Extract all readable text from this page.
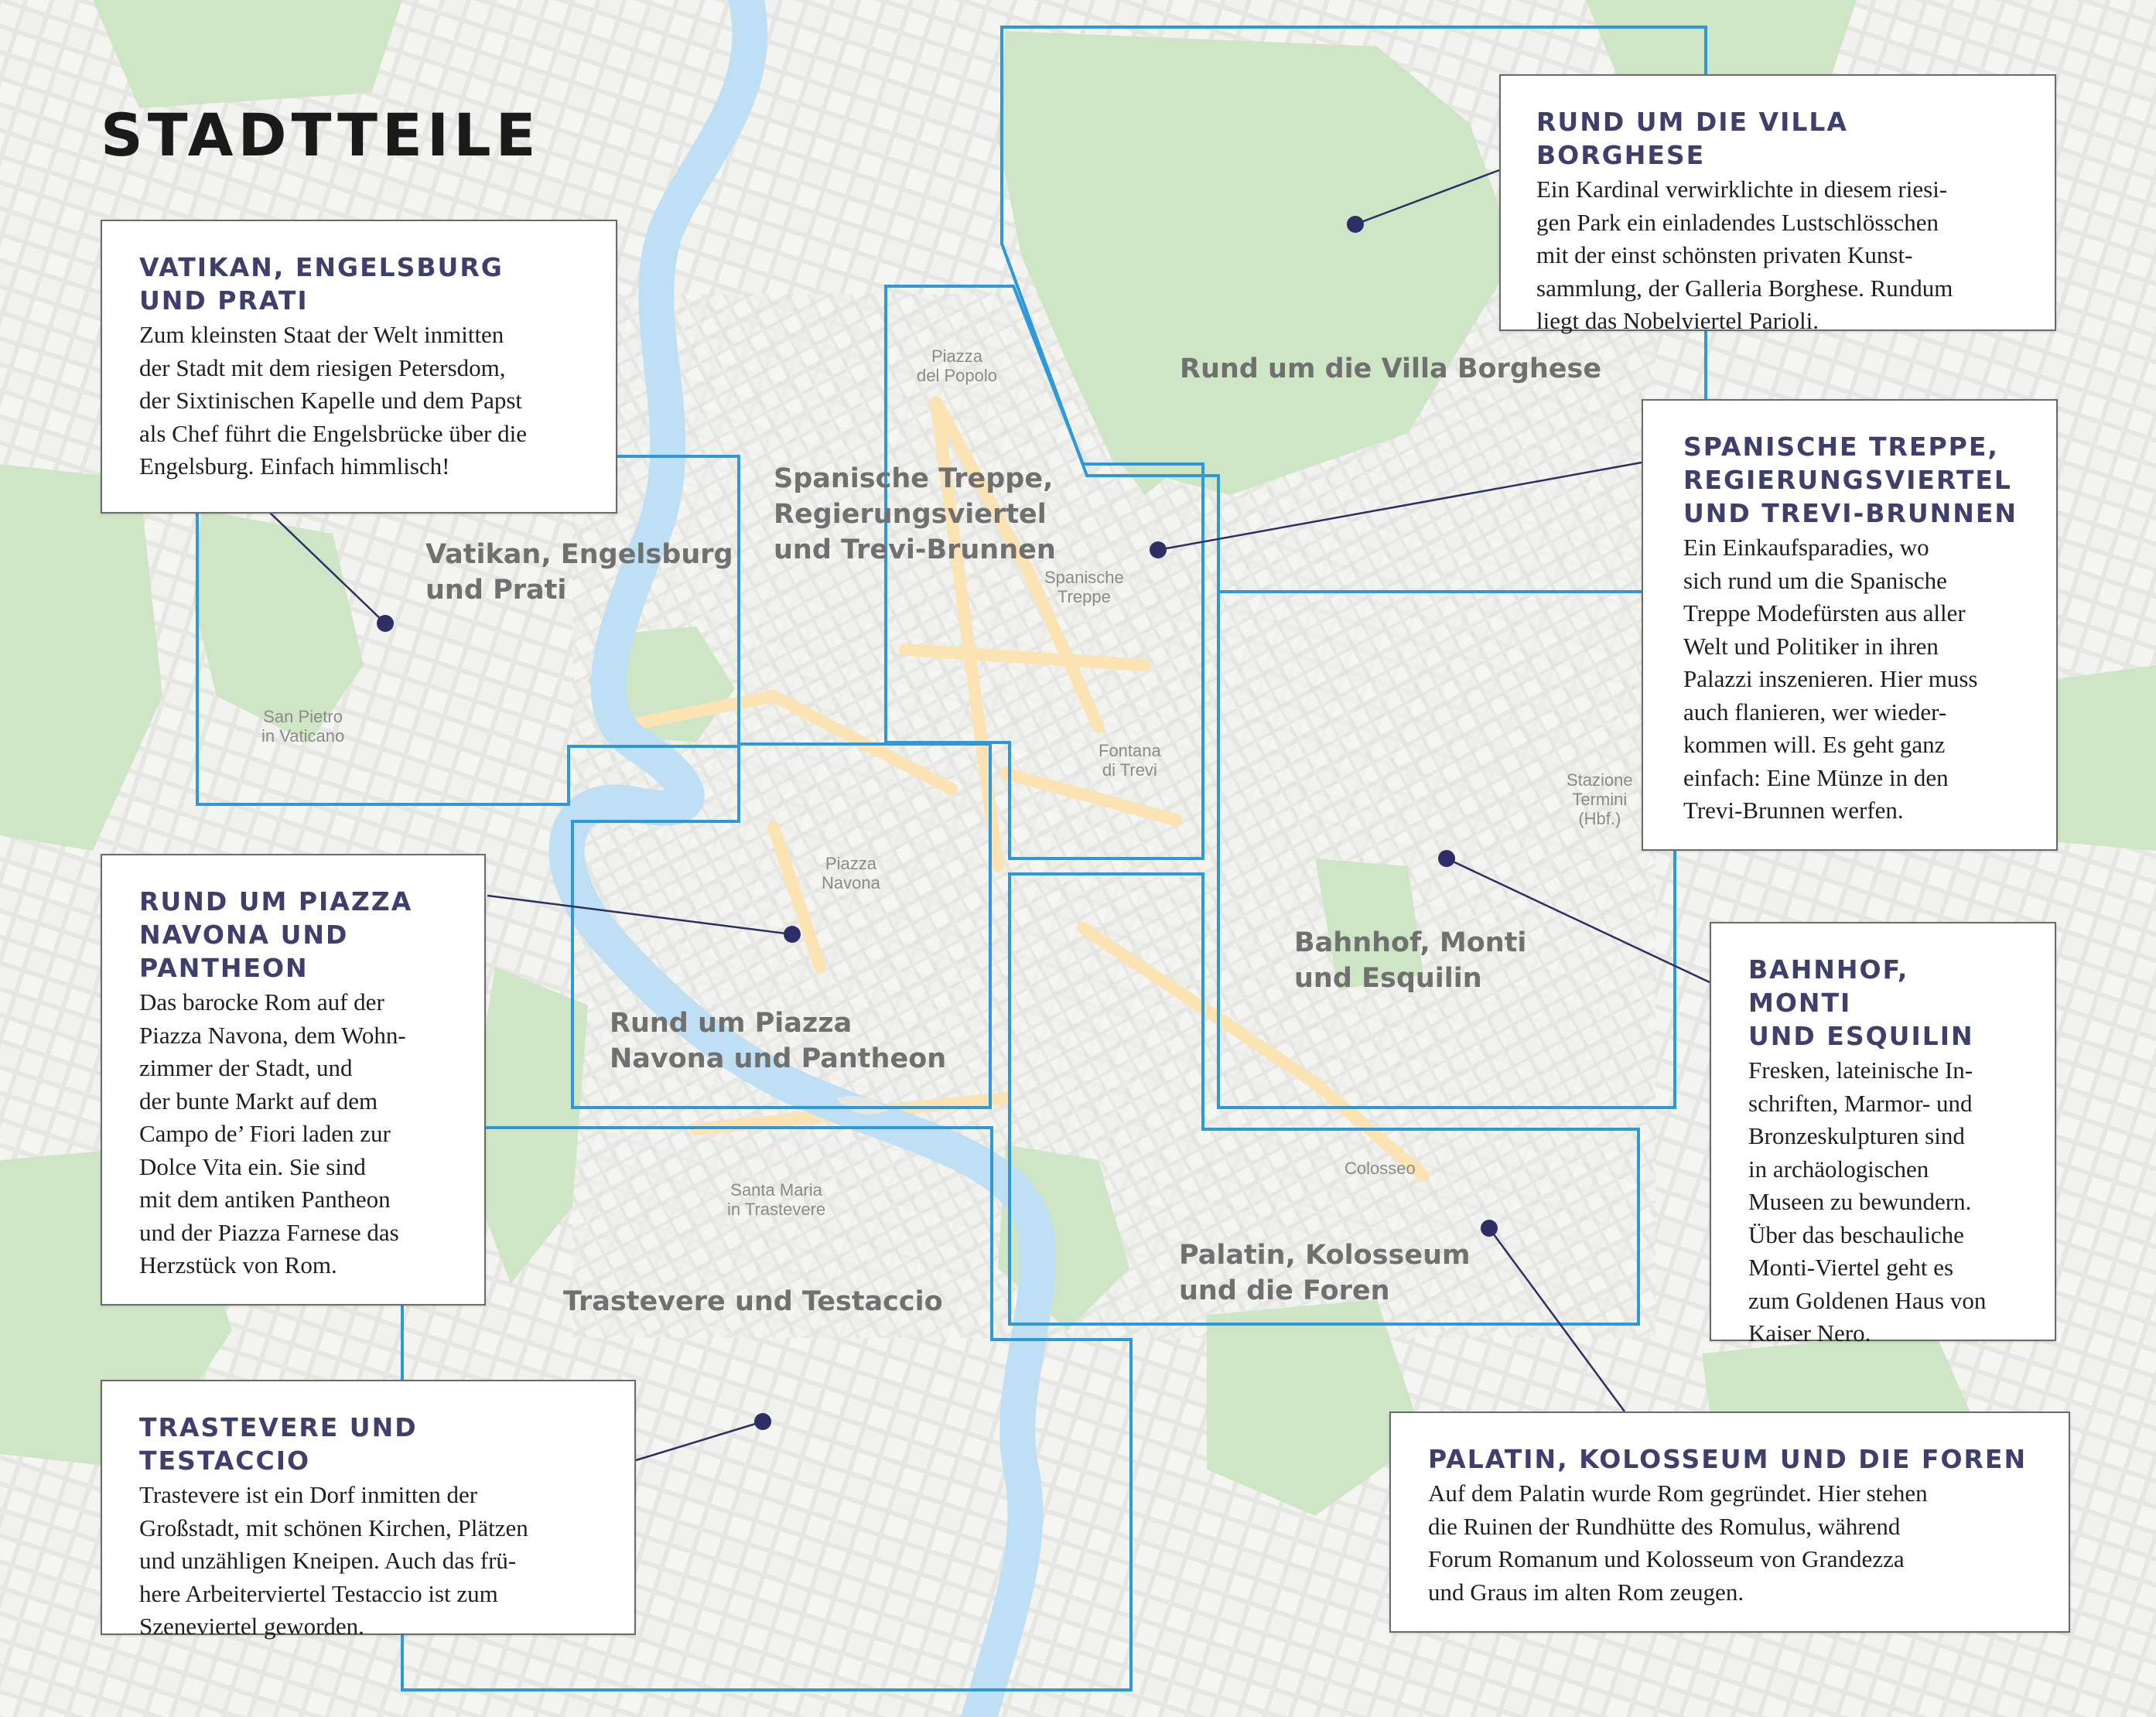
STADTTEILE
Vatikan, Engelsburg
und Prati
Rund um die Villa Borghese
Spanische Treppe,
Regierungsviertel
und Trevi-Brunnen
Rund um Piazza
Navona und Pantheon
Bahnhof, Monti
und Esquilin
Trastevere und Testaccio
Palatin, Kolosseum
und die Foren
Piazza
del Popolo
Spanische
Treppe
San Pietro
in Vaticano
Fontana
di Trevi
Stazione
Termini
(Hbf.)
Piazza
Navona
Santa Maria
in Trastevere
Colosseo
VATIKAN, ENGELSBURG
UND PRATI
Zum kleinsten Staat der Welt inmitten
der Stadt mit dem riesigen Petersdom,
der Sixtinischen Kapelle und dem Papst
als Chef führt die Engelsbrücke über die
Engelsburg. Einfach himmlisch!
RUND UM DIE VILLA BORGHESE
Ein Kardinal verwirklichte in diesem riesi-
gen Park ein einladendes Lustschlösschen
mit der einst schönsten privaten Kunst-
sammlung, der Galleria Borghese. Rundum
liegt das Nobelviertel Parioli.
SPANISCHE TREPPE,
REGIERUNGSVIERTEL
UND TREVI-BRUNNEN
Ein Einkaufsparadies, wo
sich rund um die Spanische
Treppe Modefürsten aus aller
Welt und Politiker in ihren
Palazzi inszenieren. Hier muss
auch flanieren, wer wieder-
kommen will. Es geht ganz
einfach: Eine Münze in den
Trevi-Brunnen werfen.
RUND UM PIAZZA
NAVONA UND
PANTHEON
Das barocke Rom auf der
Piazza Navona, dem Wohn-
zimmer der Stadt, und
der bunte Markt auf dem
Campo de’ Fiori laden zur
Dolce Vita ein. Sie sind
mit dem antiken Pantheon
und der Piazza Farnese das
Herzstück von Rom.
BAHNHOF, MONTI
UND ESQUILIN
Fresken, lateinische In-
schriften, Marmor- und
Bronzeskulpturen sind
in archäologischen
Museen zu bewundern.
Über das beschauliche
Monti-Viertel geht es
zum Goldenen Haus von
Kaiser Nero.
TRASTEVERE UND TESTACCIO
Trastevere ist ein Dorf inmitten der
Großstadt, mit schönen Kirchen, Plätzen
und unzähligen Kneipen. Auch das frü-
here Arbeiterviertel Testaccio ist zum
Szeneviertel geworden.
PALATIN, KOLOSSEUM UND DIE FOREN
Auf dem Palatin wurde Rom gegründet. Hier stehen
die Ruinen der Rundhütte des Romulus, während
Forum Romanum und Kolosseum von Grandezza
und Graus im alten Rom zeugen.
